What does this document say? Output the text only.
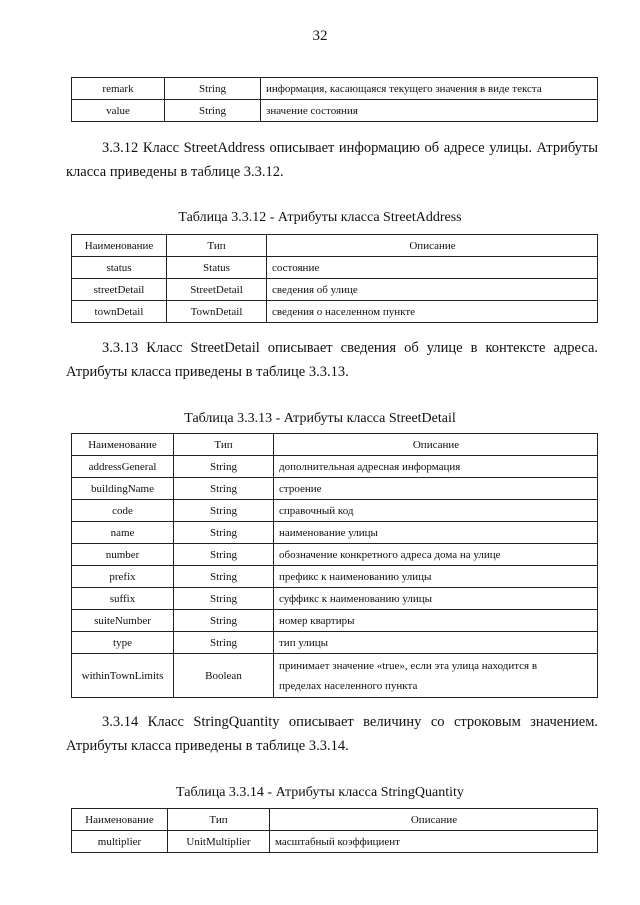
32
remark	String	информация, касающаяся текущего значения в виде текста
value	String	значение состояния

3.3.12 Класс StreetAddress описывает информацию об адресе улицы. Атрибуты класса приведены в таблице 3.3.12.

Таблица 3.3.12 - Атрибуты класса StreetAddress
Наименование	Тип	Описание
status	Status	состояние
streetDetail	StreetDetail	сведения об улице
townDetail	TownDetail	сведения о населенном пункте

3.3.13 Класс StreetDetail описывает сведения об улице в контексте адреса. Атрибуты класса приведены в таблице 3.3.13.

Таблица 3.3.13 - Атрибуты класса StreetDetail
Наименование	Тип	Описание
addressGeneral	String	дополнительная адресная информация
buildingName	String	строение
code	String	справочный код
name	String	наименование улицы
number	String	обозначение конкретного адреса дома на улице
prefix	String	префикс к наименованию улицы
suffix	String	суффикс к наименованию улицы
suiteNumber	String	номер квартиры
type	String	тип улицы
withinTownLimits	Boolean	принимает значение «true», если эта улица находится в
пределах населенного пункта

3.3.14 Класс StringQuantity описывает величину со строковым значением. Атрибуты класса приведены в таблице 3.3.14.

Таблица 3.3.14 - Атрибуты класса StringQuantity
Наименование	Тип	Описание
multiplier	UnitMultiplier	масштабный коэффициент
